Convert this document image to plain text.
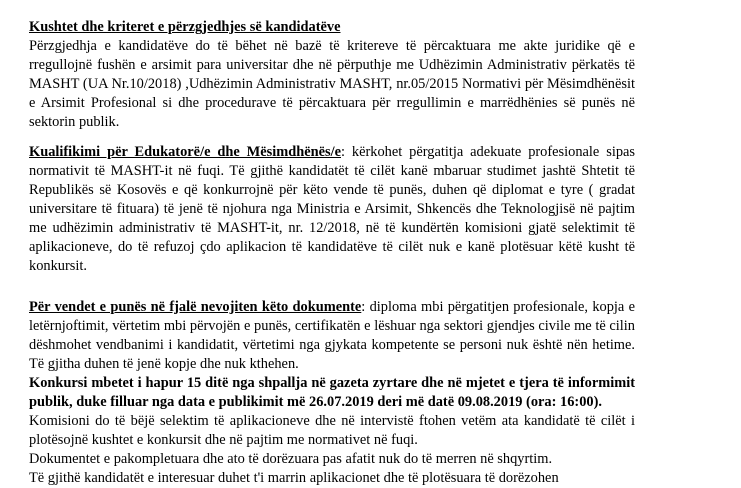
Kushtet dhe kriteret e përzgjedhjes së kandidatëve
Përzgjedhja e kandidatëve do të bëhet në bazë të kritereve të përcaktuara me akte juridike që e rregullojnë fushën e arsimit para universitar dhe në përputhje me Udhëzimin Administrativ përkatës të MASHT (UA Nr.10/2018) ,Udhëzimin Administrativ MASHT, nr.05/2015 Normativi për Mësimdhënësit e Arsimit Profesional si dhe procedurave të përcaktuara për rregullimin e marrëdhënies së punës në sektorin publik.
Kualifikimi për Edukatorë/e dhe Mësimdhënës/e: kërkohet përgatitja adekuate profesionale sipas normativit të MASHT-it në fuqi. Të gjithë kandidatët të cilët kanë mbaruar studimet jashtë Shtetit të Republikës së Kosovës e që konkurrojnë për këto vende të punës, duhen që diplomat e tyre ( gradat universitare të fituara) të jenë të njohura nga Ministria e Arsimit, Shkencës dhe Teknologjisë në pajtim me udhëzimin administrativ të MASHT-it, nr. 12/2018, në të kundërtën komisioni gjatë selektimit të aplikacioneve, do të refuzoj çdo aplikacion të kandidatëve të cilët nuk e kanë plotësuar këtë kusht të konkursit.
Për vendet e punës në fjalë nevojiten këto dokumente: diploma mbi përgatitjen profesionale, kopja e letërnjoftimit, vërtetim mbi përvojën e punës, certifikatën e lëshuar nga sektori gjendjes civile me të cilin dëshmohet vendbanimi i kandidatit, vërtetimi nga gjykata kompetente se personi nuk është nën hetime. Të gjitha duhen të jenë kopje dhe nuk kthehen.
Konkursi mbetet i hapur 15 ditë nga shpallja në gazeta zyrtare dhe në mjetet e tjera të informimit publik, duke filluar nga data e publikimit më 26.07.2019 deri më datë 09.08.2019 (ora: 16:00).
Komisioni do të bëjë selektim të aplikacioneve dhe në intervistë ftohen vetëm ata kandidatë të cilët i plotësojnë kushtet e konkursit dhe në pajtim me normativet në fuqi.
Dokumentet e pakompletuara dhe ato të dorëzuara pas afatit nuk do të merren në shqyrtim.
Të gjithë kandidatët e interesuar duhet t'i marrin aplikacionet dhe të plotësuara të dorëzohen
